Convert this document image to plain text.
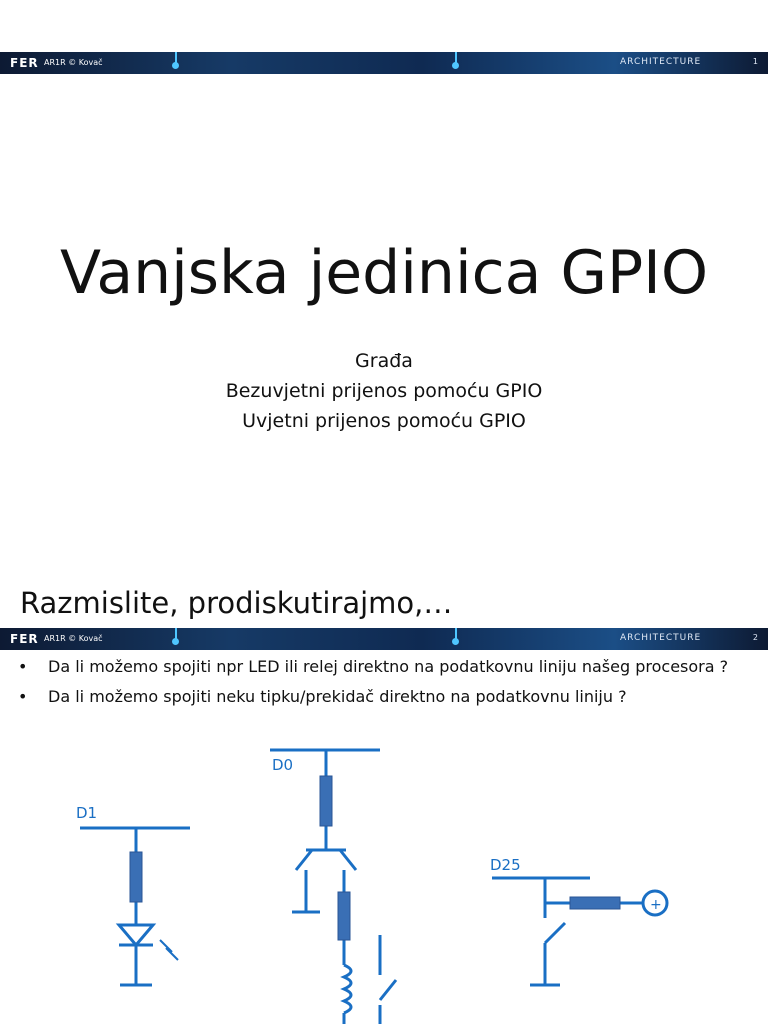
FER AR1R © Kovač	ARCHITECTURE	1
Vanjska jedinica GPIO
Građa
Bezuvjetni prijenos pomoću GPIO
Uvjetni prijenos pomoću GPIO
Razmislite, prodiskutirajmo,…
FER AR1R © Kovač	ARCHITECTURE	2
•	Da li možemo spojiti npr LED ili relej direktno na podatkovnu liniju našeg procesora ?
•	Da li možemo spojiti neku tipku/prekidač direktno na podatkovnu liniju ?
D1
D0
D25
+
